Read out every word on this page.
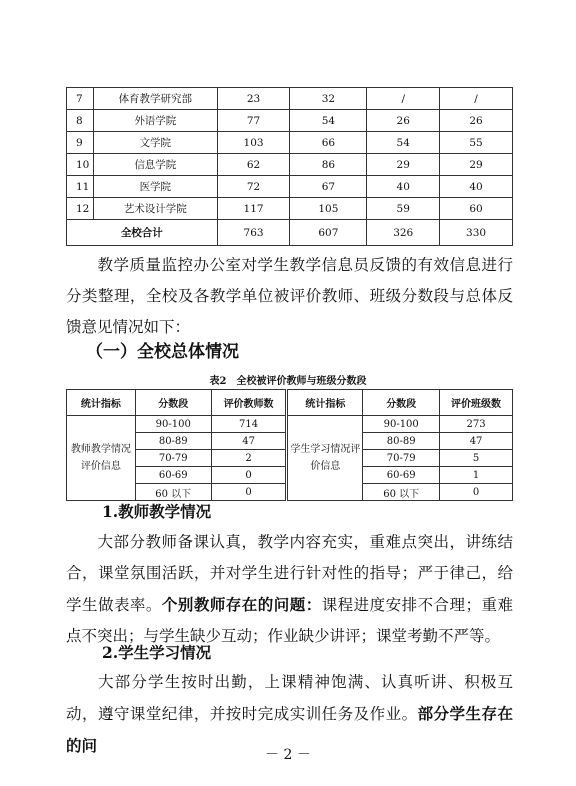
7	体育教学研究部	23	32	/	/
8	外语学院	77	54	26	26
9	文学院	103	66	54	55
10	信息学院	62	86	29	29
11	医学院	72	67	40	40
12	艺术设计学院	117	105	59	60
全校合计		763	607	326	330

教学质量监控办公室对学生教学信息员反馈的有效信息进行分类整理，全校及各教学单位被评价教师、班级分数段与总体反馈意见情况如下：

（一）全校总体情况

表2　全校被评价教师与班级分数段
统计指标	分数段	评价教师数		统计指标	分数段	评价班级数
教师教学情况评价信息	90-100	714		学生学习情况评价信息	90-100	273
	80-89	47			80-89	47
	70-79	2			70-79	5
	60-69	0			60-69	1
	60 以下	0			60 以下	0

1.教师教学情况

大部分教师备课认真，教学内容充实，重难点突出，讲练结合，课堂氛围活跃，并对学生进行针对性的指导；严于律己，给学生做表率。个别教师存在的问题：课程进度安排不合理；重难点不突出；与学生缺少互动；作业缺少讲评；课堂考勤不严等。

2.学生学习情况

大部分学生按时出勤，上课精神饱满、认真听讲、积极互动，遵守课堂纪律，并按时完成实训任务及作业。部分学生存在的问	－ 2 －
